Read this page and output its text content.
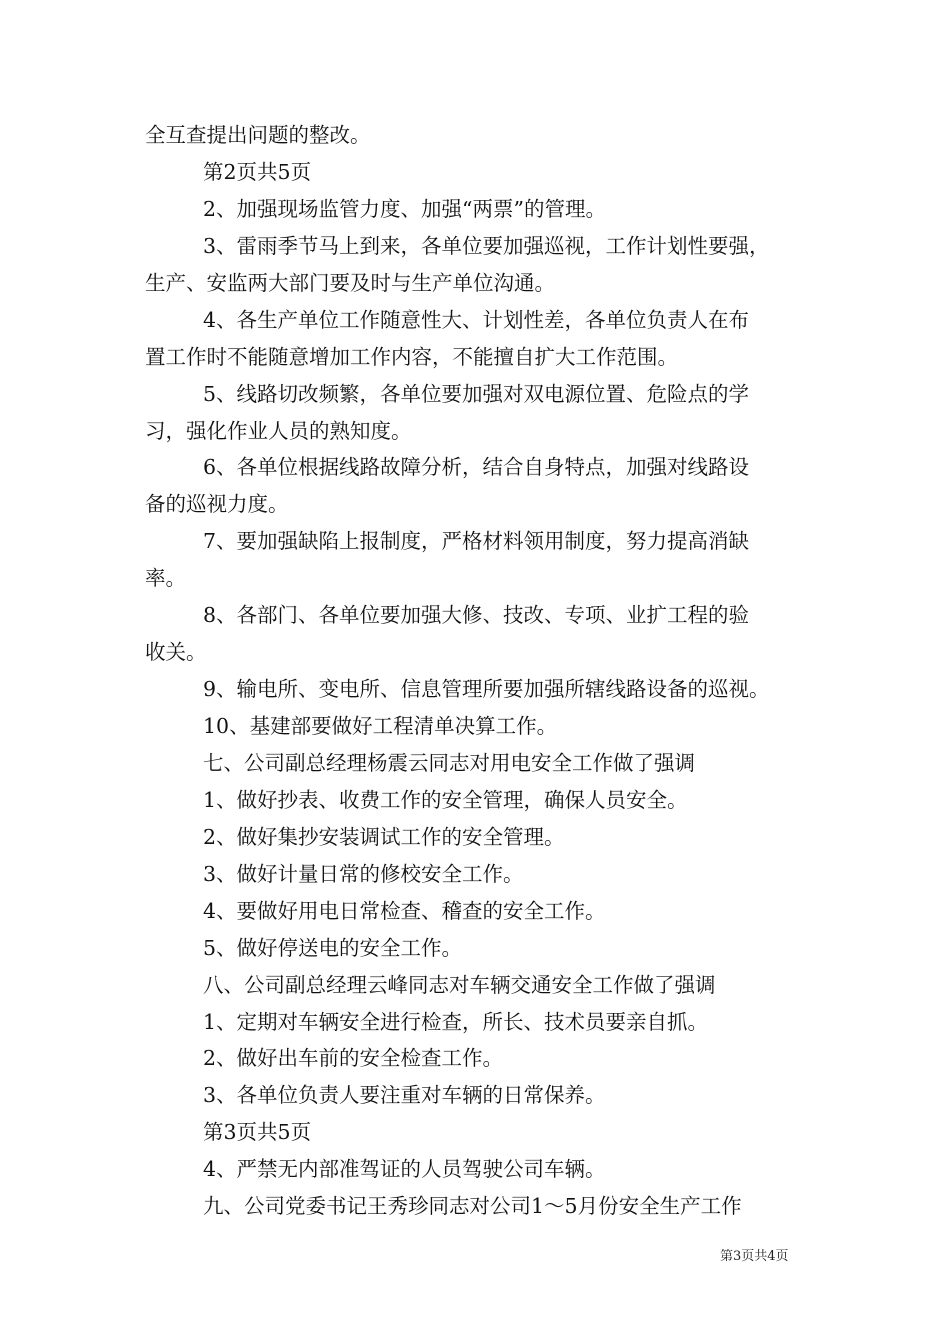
全互查提出问题的整改。
第2页共5页
2、加强现场监管力度、加强“两票”的管理。
3、雷雨季节马上到来，各单位要加强巡视，工作计划性要强，
生产、安监两大部门要及时与生产单位沟通。
4、各生产单位工作随意性大、计划性差，各单位负责人在布
置工作时不能随意增加工作内容，不能擅自扩大工作范围。
5、线路切改频繁，各单位要加强对双电源位置、危险点的学
习，强化作业人员的熟知度。
6、各单位根据线路故障分析，结合自身特点，加强对线路设
备的巡视力度。
7、要加强缺陷上报制度，严格材料领用制度，努力提高消缺
率。
8、各部门、各单位要加强大修、技改、专项、业扩工程的验
收关。
9、输电所、变电所、信息管理所要加强所辖线路设备的巡视。
10、基建部要做好工程清单决算工作。
七、公司副总经理杨震云同志对用电安全工作做了强调
1、做好抄表、收费工作的安全管理，确保人员安全。
2、做好集抄安装调试工作的安全管理。
3、做好计量日常的修校安全工作。
4、要做好用电日常检查、稽查的安全工作。
5、做好停送电的安全工作。
八、公司副总经理云峰同志对车辆交通安全工作做了强调
1、定期对车辆安全进行检查，所长、技术员要亲自抓。
2、做好出车前的安全检查工作。
3、各单位负责人要注重对车辆的日常保养。
第3页共5页
4、严禁无内部准驾证的人员驾驶公司车辆。
九、公司党委书记王秀珍同志对公司1～5月份安全生产工作
第3页共4页
